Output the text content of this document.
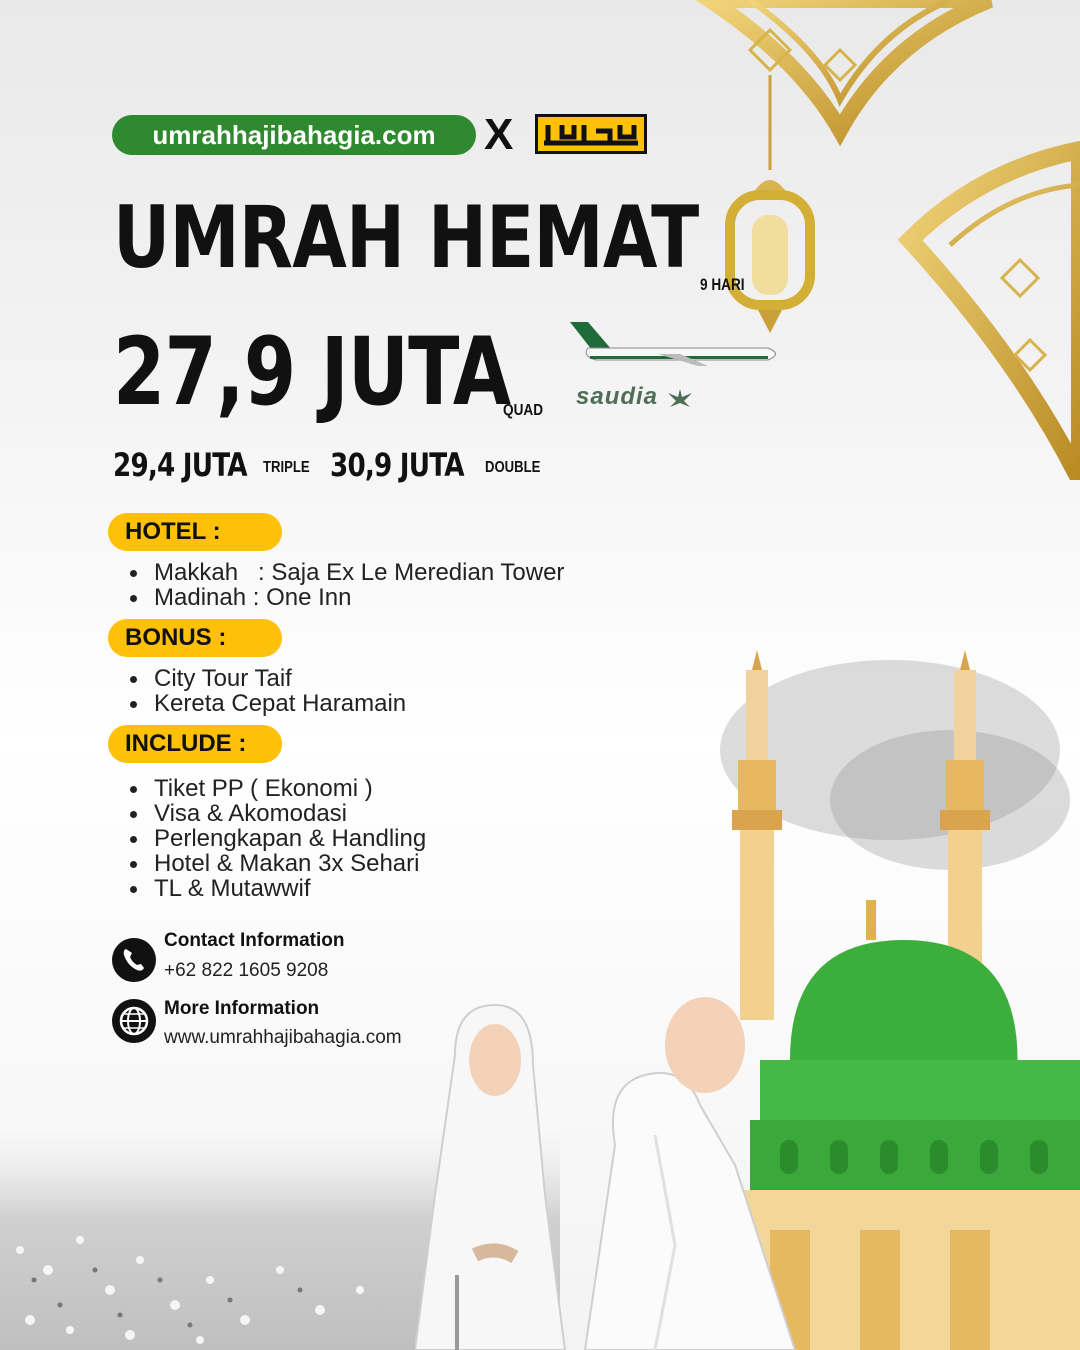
umrahhajibahagia.com	X
UMRAH HEMAT 9 HARI
27,9 JUTA
QUAD
29,4 JUTA TRIPLE 30,9 JUTA DOUBLE
saudia
HOTEL :
Makkah   : Saja Ex Le Meredian Tower
Madinah : One Inn
BONUS :
City Tour Taif
Kereta Cepat Haramain
INCLUDE :
Tiket PP ( Ekonomi )
Visa & Akomodasi
Perlengkapan & Handling
Hotel & Makan 3x Sehari
TL & Mutawwif
Contact Information
+62 822 1605 9208
More Information
www.umrahhajibahagia.com
